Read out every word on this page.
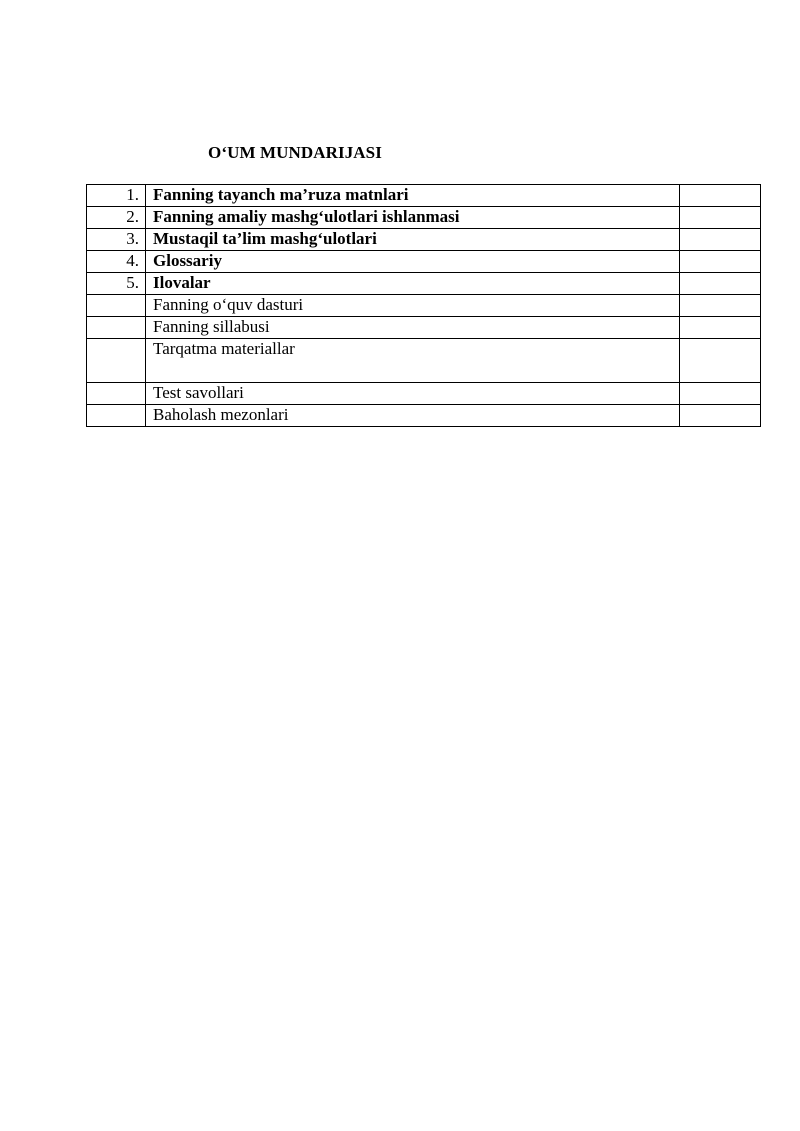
O‘UM MUNDARIJASI
1.	Fanning tayanch ma’ruza matnlari	
2.	Fanning amaliy mashg‘ulotlari ishlanmasi	
3.	Mustaqil ta’lim mashg‘ulotlari	
4.	Glossariy	
5.	Ilovalar	
	Fanning o‘quv dasturi	
	Fanning sillabusi	
	Tarqatma materiallar	
	Test savollari	
	Baholash mezonlari	
